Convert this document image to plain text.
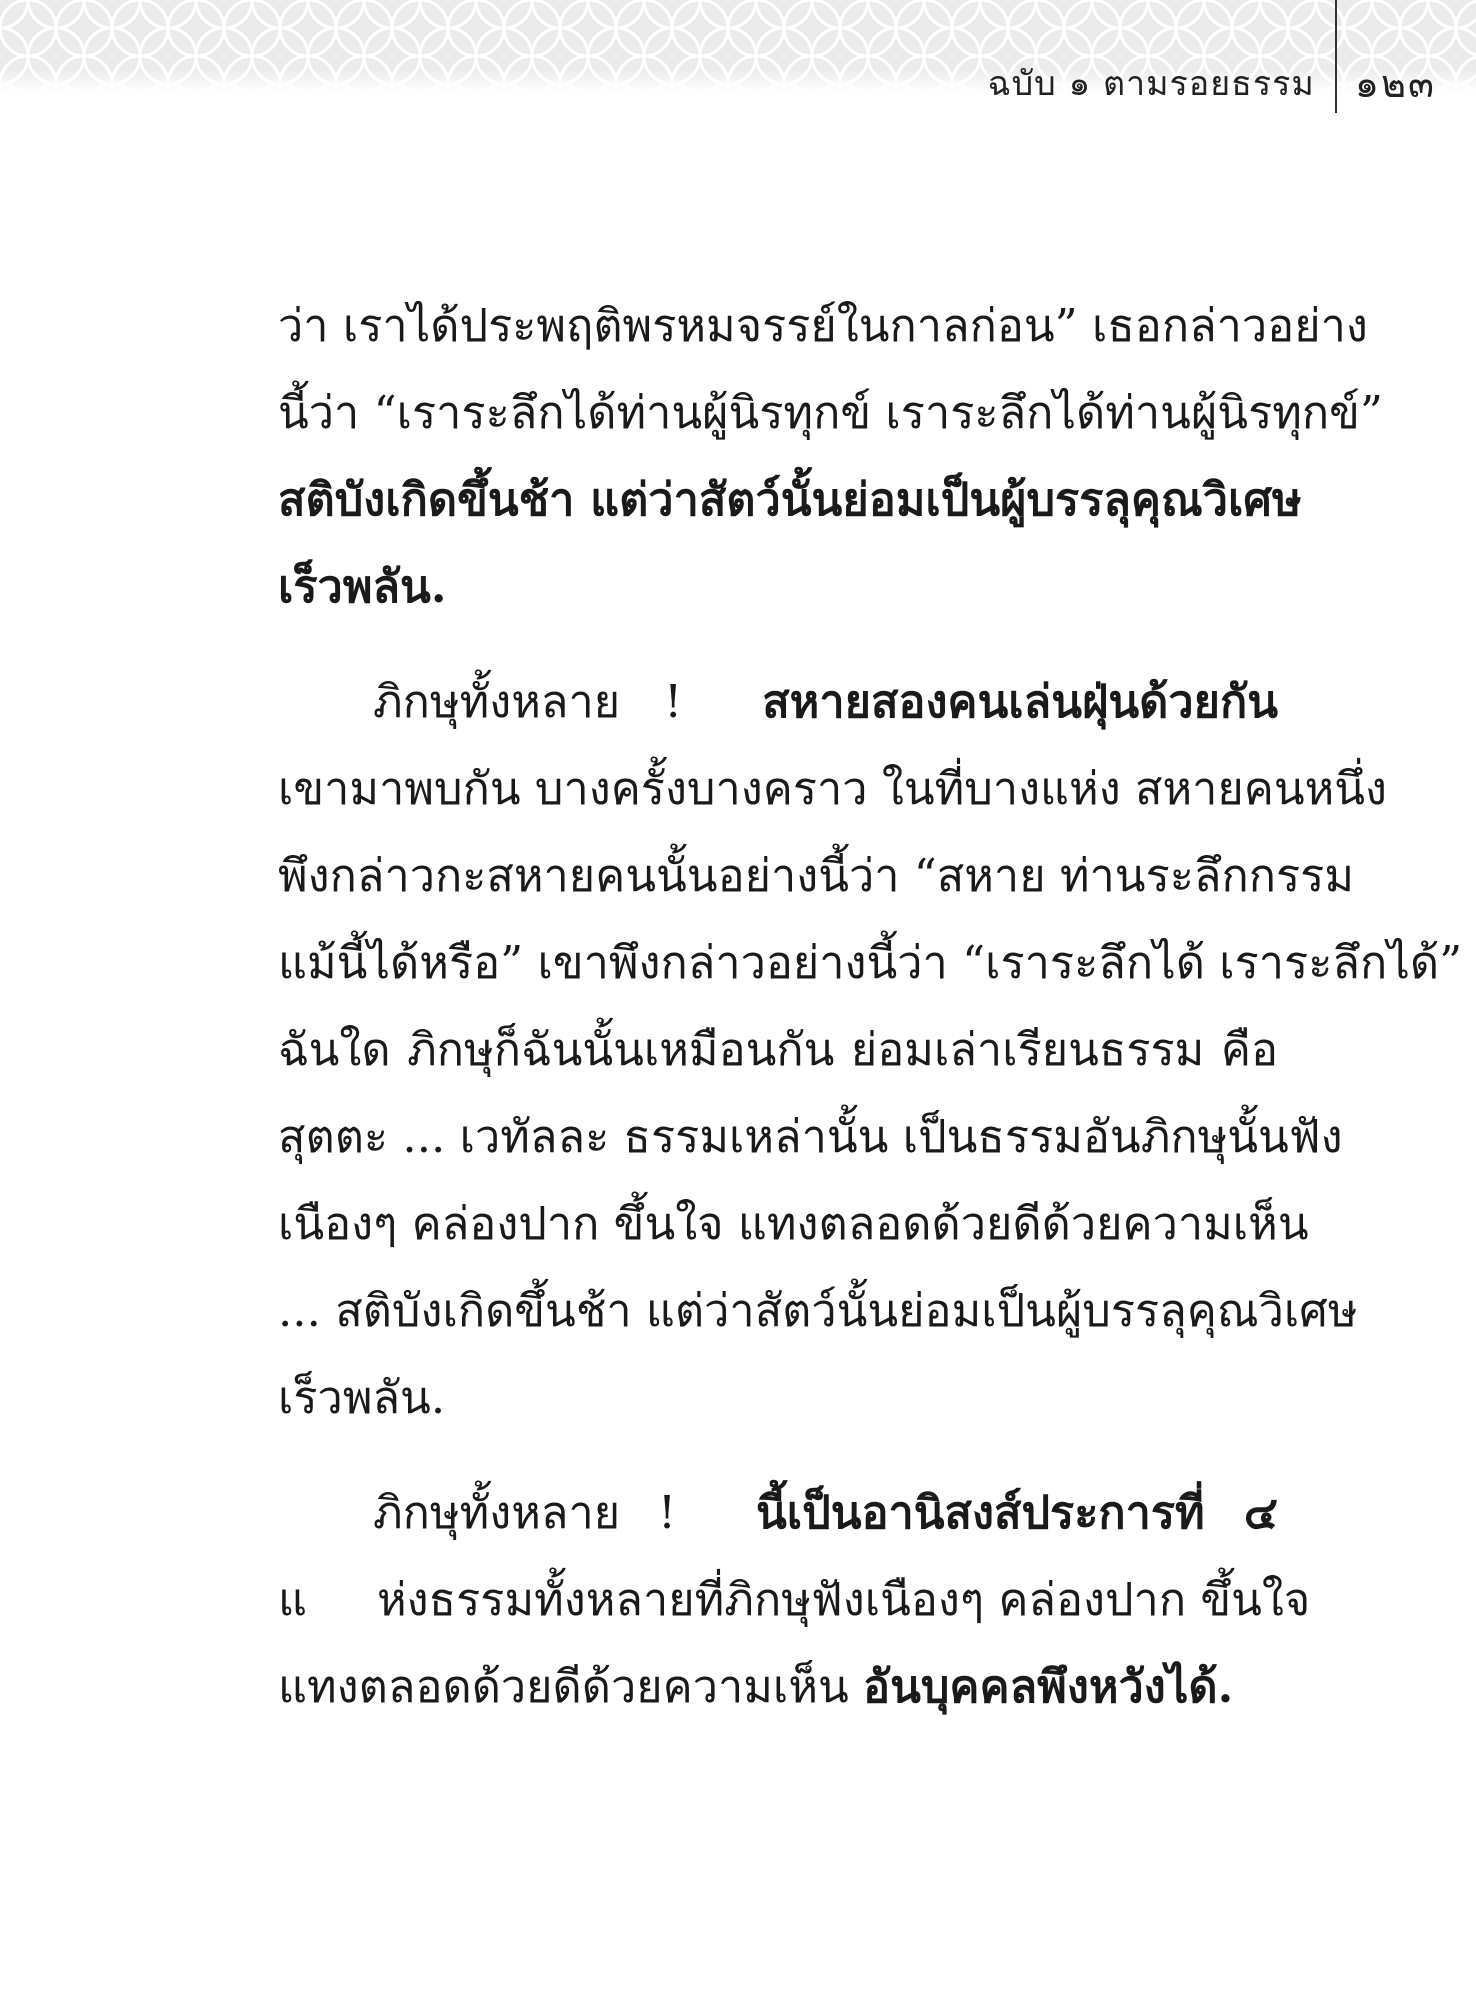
ฉบับ ๑ ตามรอยธรรม	๑๒๓
ว่า เราได้ประพฤติพรหมจรรย์ในกาลก่อน” เธอกล่าวอย่าง
นี้ว่า “เราระลึกได้ท่านผู้นิรทุกข์ เราระลึกได้ท่านผู้นิรทุกข์”
สติบังเกิดขึ้นช้า แต่ว่าสัตว์นั้นย่อมเป็นผู้บรรลุคุณวิเศษ
เร็วพลัน.
ภิกษุทั้งหลาย ! สหายสองคนเล่นฝุ่นด้วยกัน
เขามาพบกัน บางครั้งบางคราว ในที่บางแห่ง สหายคนหนึ่ง
พึงกล่าวกะสหายคนนั้นอย่างนี้ว่า “สหาย ท่านระลึกกรรม
แม้นี้ได้หรือ” เขาพึงกล่าวอย่างนี้ว่า “เราระลึกได้ เราระลึกได้”
ฉันใด ภิกษุก็ฉันนั้นเหมือนกัน ย่อมเล่าเรียนธรรม คือ
สุตตะ ... เวทัลละ ธรรมเหล่านั้น เป็นธรรมอันภิกษุนั้นฟัง
เนืองๆ คล่องปาก ขึ้นใจ แทงตลอดด้วยดีด้วยความเห็น
... สติบังเกิดขึ้นช้า แต่ว่าสัตว์นั้นย่อมเป็นผู้บรรลุคุณวิเศษ
เร็วพลัน.
ภิกษุทั้งหลาย ! นี้เป็นอานิสงส์ประการที่ ๔
แ ห่งธรรมทั้งหลายที่ภิกษุฟังเนืองๆ คล่องปาก ขึ้นใจ
แทงตลอดด้วยดีด้วยความเห็น อันบุคคลพึงหวังได้.
